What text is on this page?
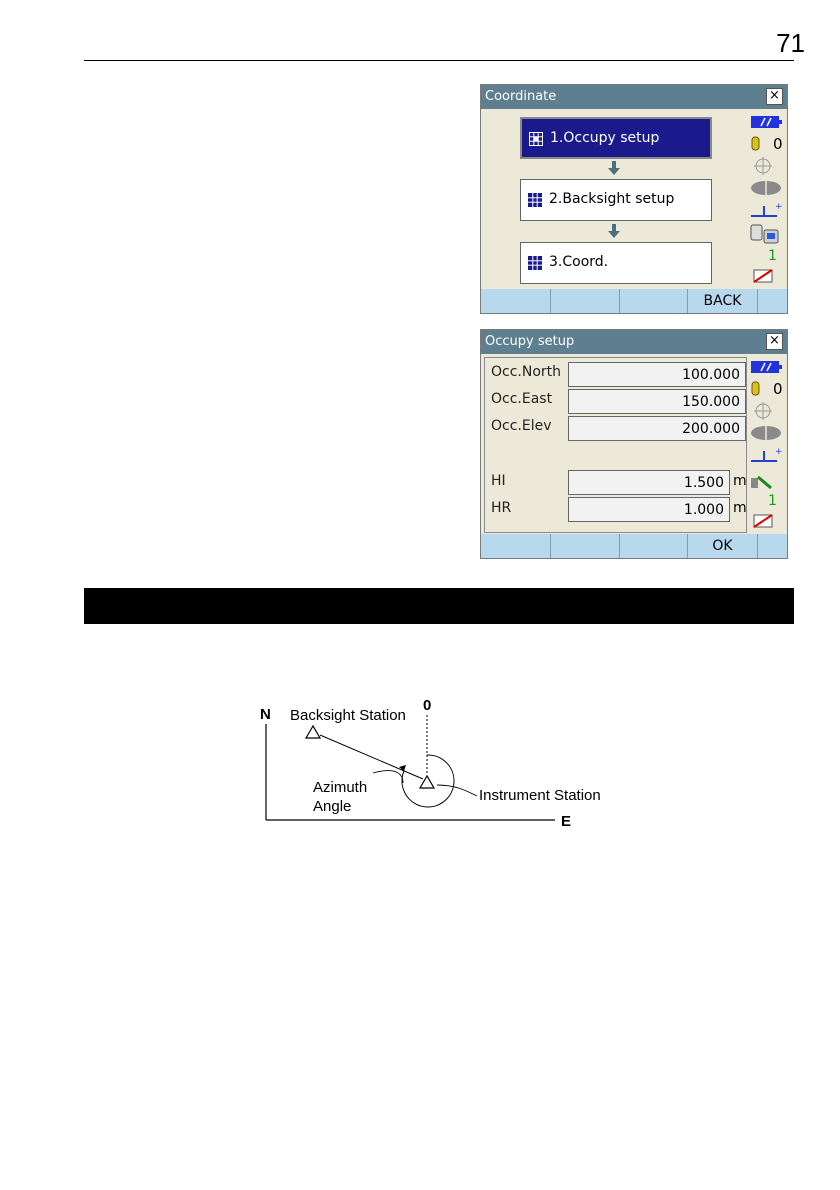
71
Coordinate	×
1.Occupy setup
2.Backsight setup
3.Coord.
0
+
1
BACK
Occupy setup	×
Occ.North	100.000
Occ.East	150.000
Occ.Elev	200.000
HI	1.500 m
HR	1.000 m
0
+
1
OK
N
E
0
Backsight Station
Azimuth
Angle
Instrument Station
